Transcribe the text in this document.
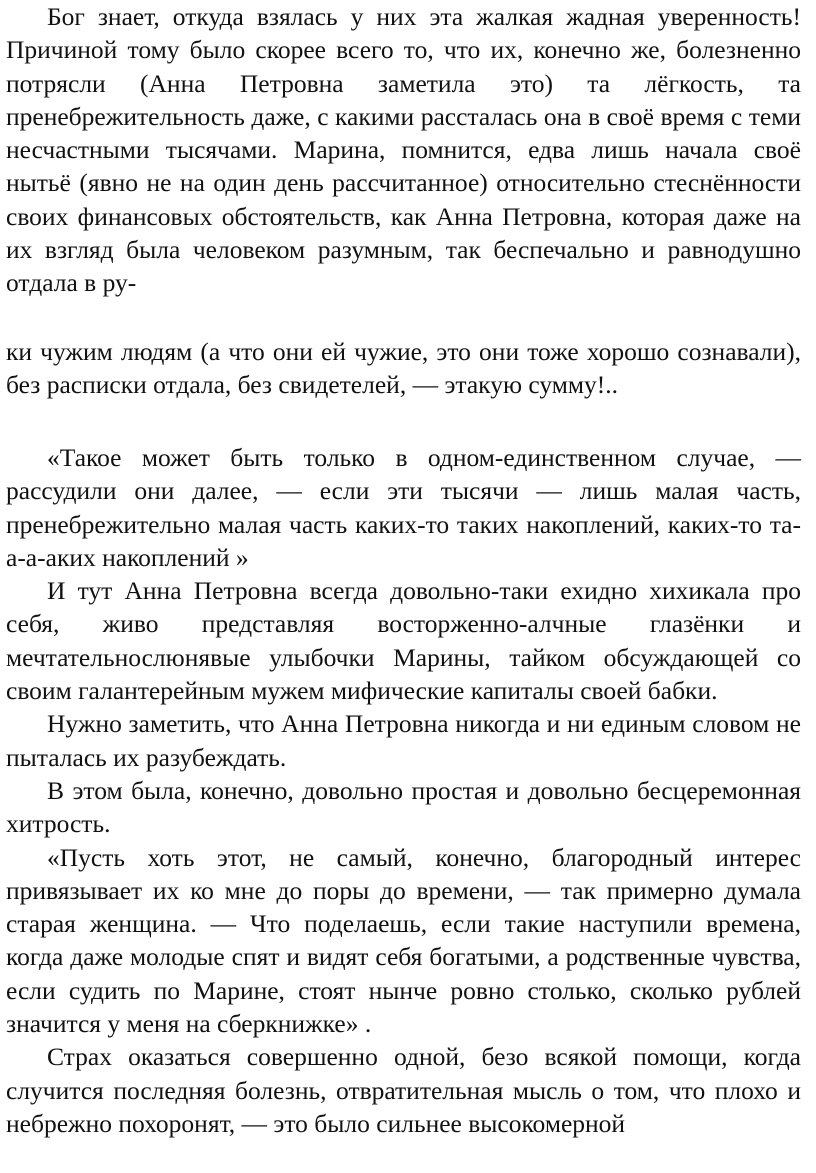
Бог знает, откуда взялась у них эта жалкая жадная уверенность! Причиной тому было скорее всего то, что их, конечно же, болезненно потрясли (Анна Петровна заметила это) та лёгкость, та пренебрежительность даже, с какими рассталась она в своё время с теми несчастными тысячами. Марина, помнится, едва лишь начала своё нытьё (явно не на один день рассчитанное) относительно стеснённости своих финансовых обстоятельств, как Анна Петровна, которая даже на их взгляд была человеком разумным, так беспечально и равнодушно отдала в ру-

ки чужим людям (а что они ей чужие, это они тоже хорошо сознавали), без расписки отдала, без свидетелей, — этакую сумму!..

«Такое может быть только в одном-единственном случае, — рассудили они далее, — если эти тысячи — лишь малая часть, пренебрежительно малая часть каких-то таких накоплений, каких-то та-а-а-аких накоплений »

И тут Анна Петровна всегда довольно-таки ехидно хихикала про себя, живо представляя восторженно-алчные глазёнки и мечтательнослюнявые улыбочки Марины, тайком обсуждающей со своим галантерейным мужем мифические капиталы своей бабки.

Нужно заметить, что Анна Петровна никогда и ни единым словом не пыталась их разубеждать.

В этом была, конечно, довольно простая и довольно бесцеремонная хитрость.

«Пусть хоть этот, не самый, конечно, благородный интерес привязывает их ко мне до поры до времени, — так примерно думала старая женщина. — Что поделаешь, если такие наступили времена, когда даже молодые спят и видят себя богатыми, а родственные чувства, если судить по Марине, стоят нынче ровно столько, сколько рублей значится у меня на сберкнижке» .

Страх оказаться совершенно одной, безо всякой помощи, когда случится последняя болезнь, отвратительная мысль о том, что плохо и небрежно похоронят, — это было сильнее высокомерной
